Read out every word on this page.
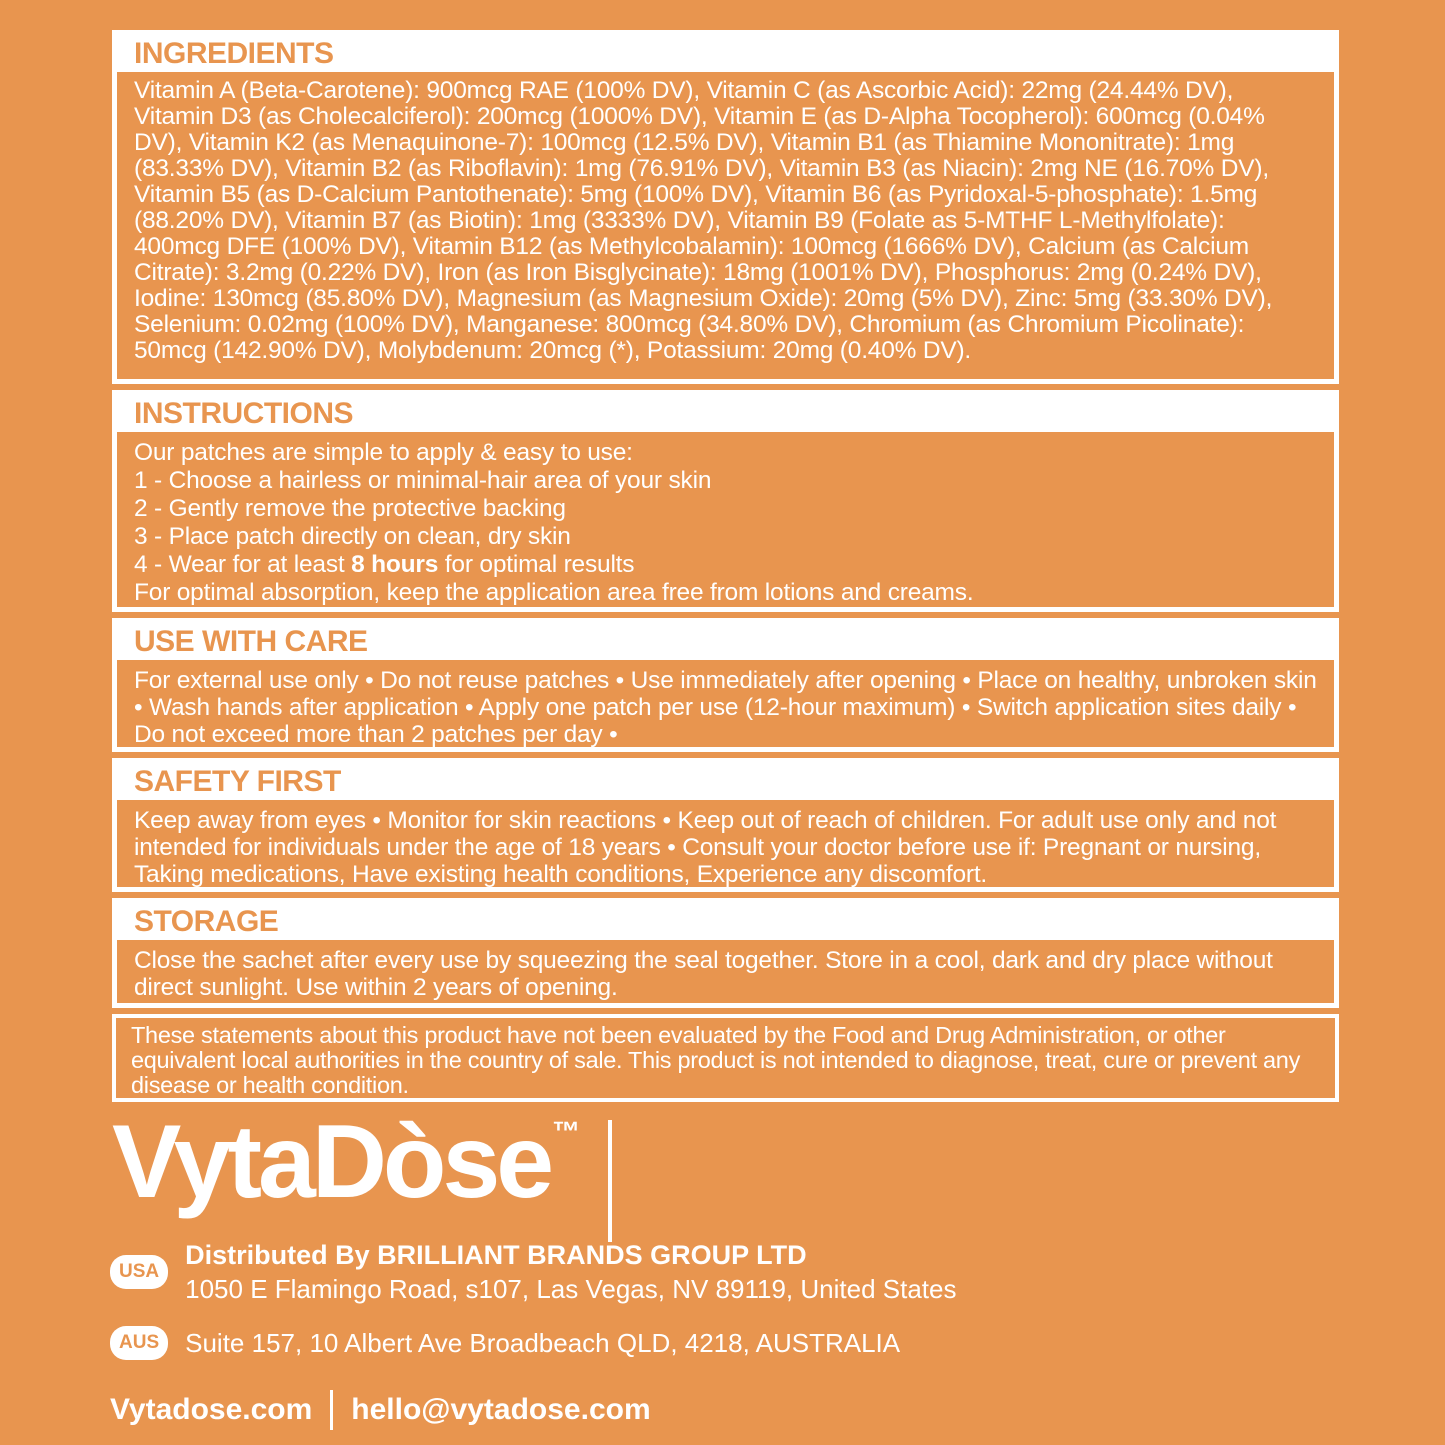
INGREDIENTS
Vitamin A (Beta-Carotene): 900mcg RAE (100% DV), Vitamin C (as Ascorbic Acid): 22mg (24.44% DV), Vitamin D3 (as Cholecalciferol): 200mcg (1000% DV), Vitamin E (as D-Alpha Tocopherol): 600mcg (0.04% DV), Vitamin K2 (as Menaquinone-7): 100mcg (12.5% DV), Vitamin B1 (as Thiamine Mononitrate): 1mg (83.33% DV), Vitamin B2 (as Riboflavin): 1mg (76.91% DV), Vitamin B3 (as Niacin): 2mg NE (16.70% DV), Vitamin B5 (as D-Calcium Pantothenate): 5mg (100% DV), Vitamin B6 (as Pyridoxal-5-phosphate): 1.5mg (88.20% DV), Vitamin B7 (as Biotin): 1mg (3333% DV), Vitamin B9 (Folate as 5-MTHF L-Methylfolate): 400mcg DFE (100% DV), Vitamin B12 (as Methylcobalamin): 100mcg (1666% DV), Calcium (as Calcium Citrate): 3.2mg (0.22% DV), Iron (as Iron Bisglycinate): 18mg (1001% DV), Phosphorus: 2mg (0.24% DV), Iodine: 130mcg (85.80% DV), Magnesium (as Magnesium Oxide): 20mg (5% DV), Zinc: 5mg (33.30% DV), Selenium: 0.02mg (100% DV), Manganese: 800mcg (34.80% DV), Chromium (as Chromium Picolinate): 50mcg (142.90% DV), Molybdenum: 20mcg (*), Potassium: 20mg (0.40% DV).
INSTRUCTIONS
Our patches are simple to apply & easy to use:
1 - Choose a hairless or minimal-hair area of your skin
2 - Gently remove the protective backing
3 - Place patch directly on clean, dry skin
4 - Wear for at least 8 hours for optimal results
For optimal absorption, keep the application area free from lotions and creams.
USE WITH CARE
For external use only • Do not reuse patches • Use immediately after opening • Place on healthy, unbroken skin • Wash hands after application • Apply one patch per use (12-hour maximum) • Switch application sites daily • Do not exceed more than 2 patches per day •
SAFETY FIRST
Keep away from eyes • Monitor for skin reactions • Keep out of reach of children. For adult use only and not intended for individuals under the age of 18 years • Consult your doctor before use if: Pregnant or nursing, Taking medications, Have existing health conditions, Experience any discomfort.
STORAGE
Close the sachet after every use by squeezing the seal together. Store in a cool, dark and dry place without direct sunlight. Use within 2 years of opening.
These statements about this product have not been evaluated by the Food and Drug Administration, or other equivalent local authorities in the country of sale. This product is not intended to diagnose, treat, cure or prevent any disease or health condition.
VytaDòse ™
USA
Distributed By BRILLIANT BRANDS GROUP LTD
1050 E Flamingo Road, s107, Las Vegas, NV 89119, United States
AUS	Suite 157, 10 Albert Ave Broadbeach QLD, 4218, AUSTRALIA
Vytadose.com hello@vytadose.com
